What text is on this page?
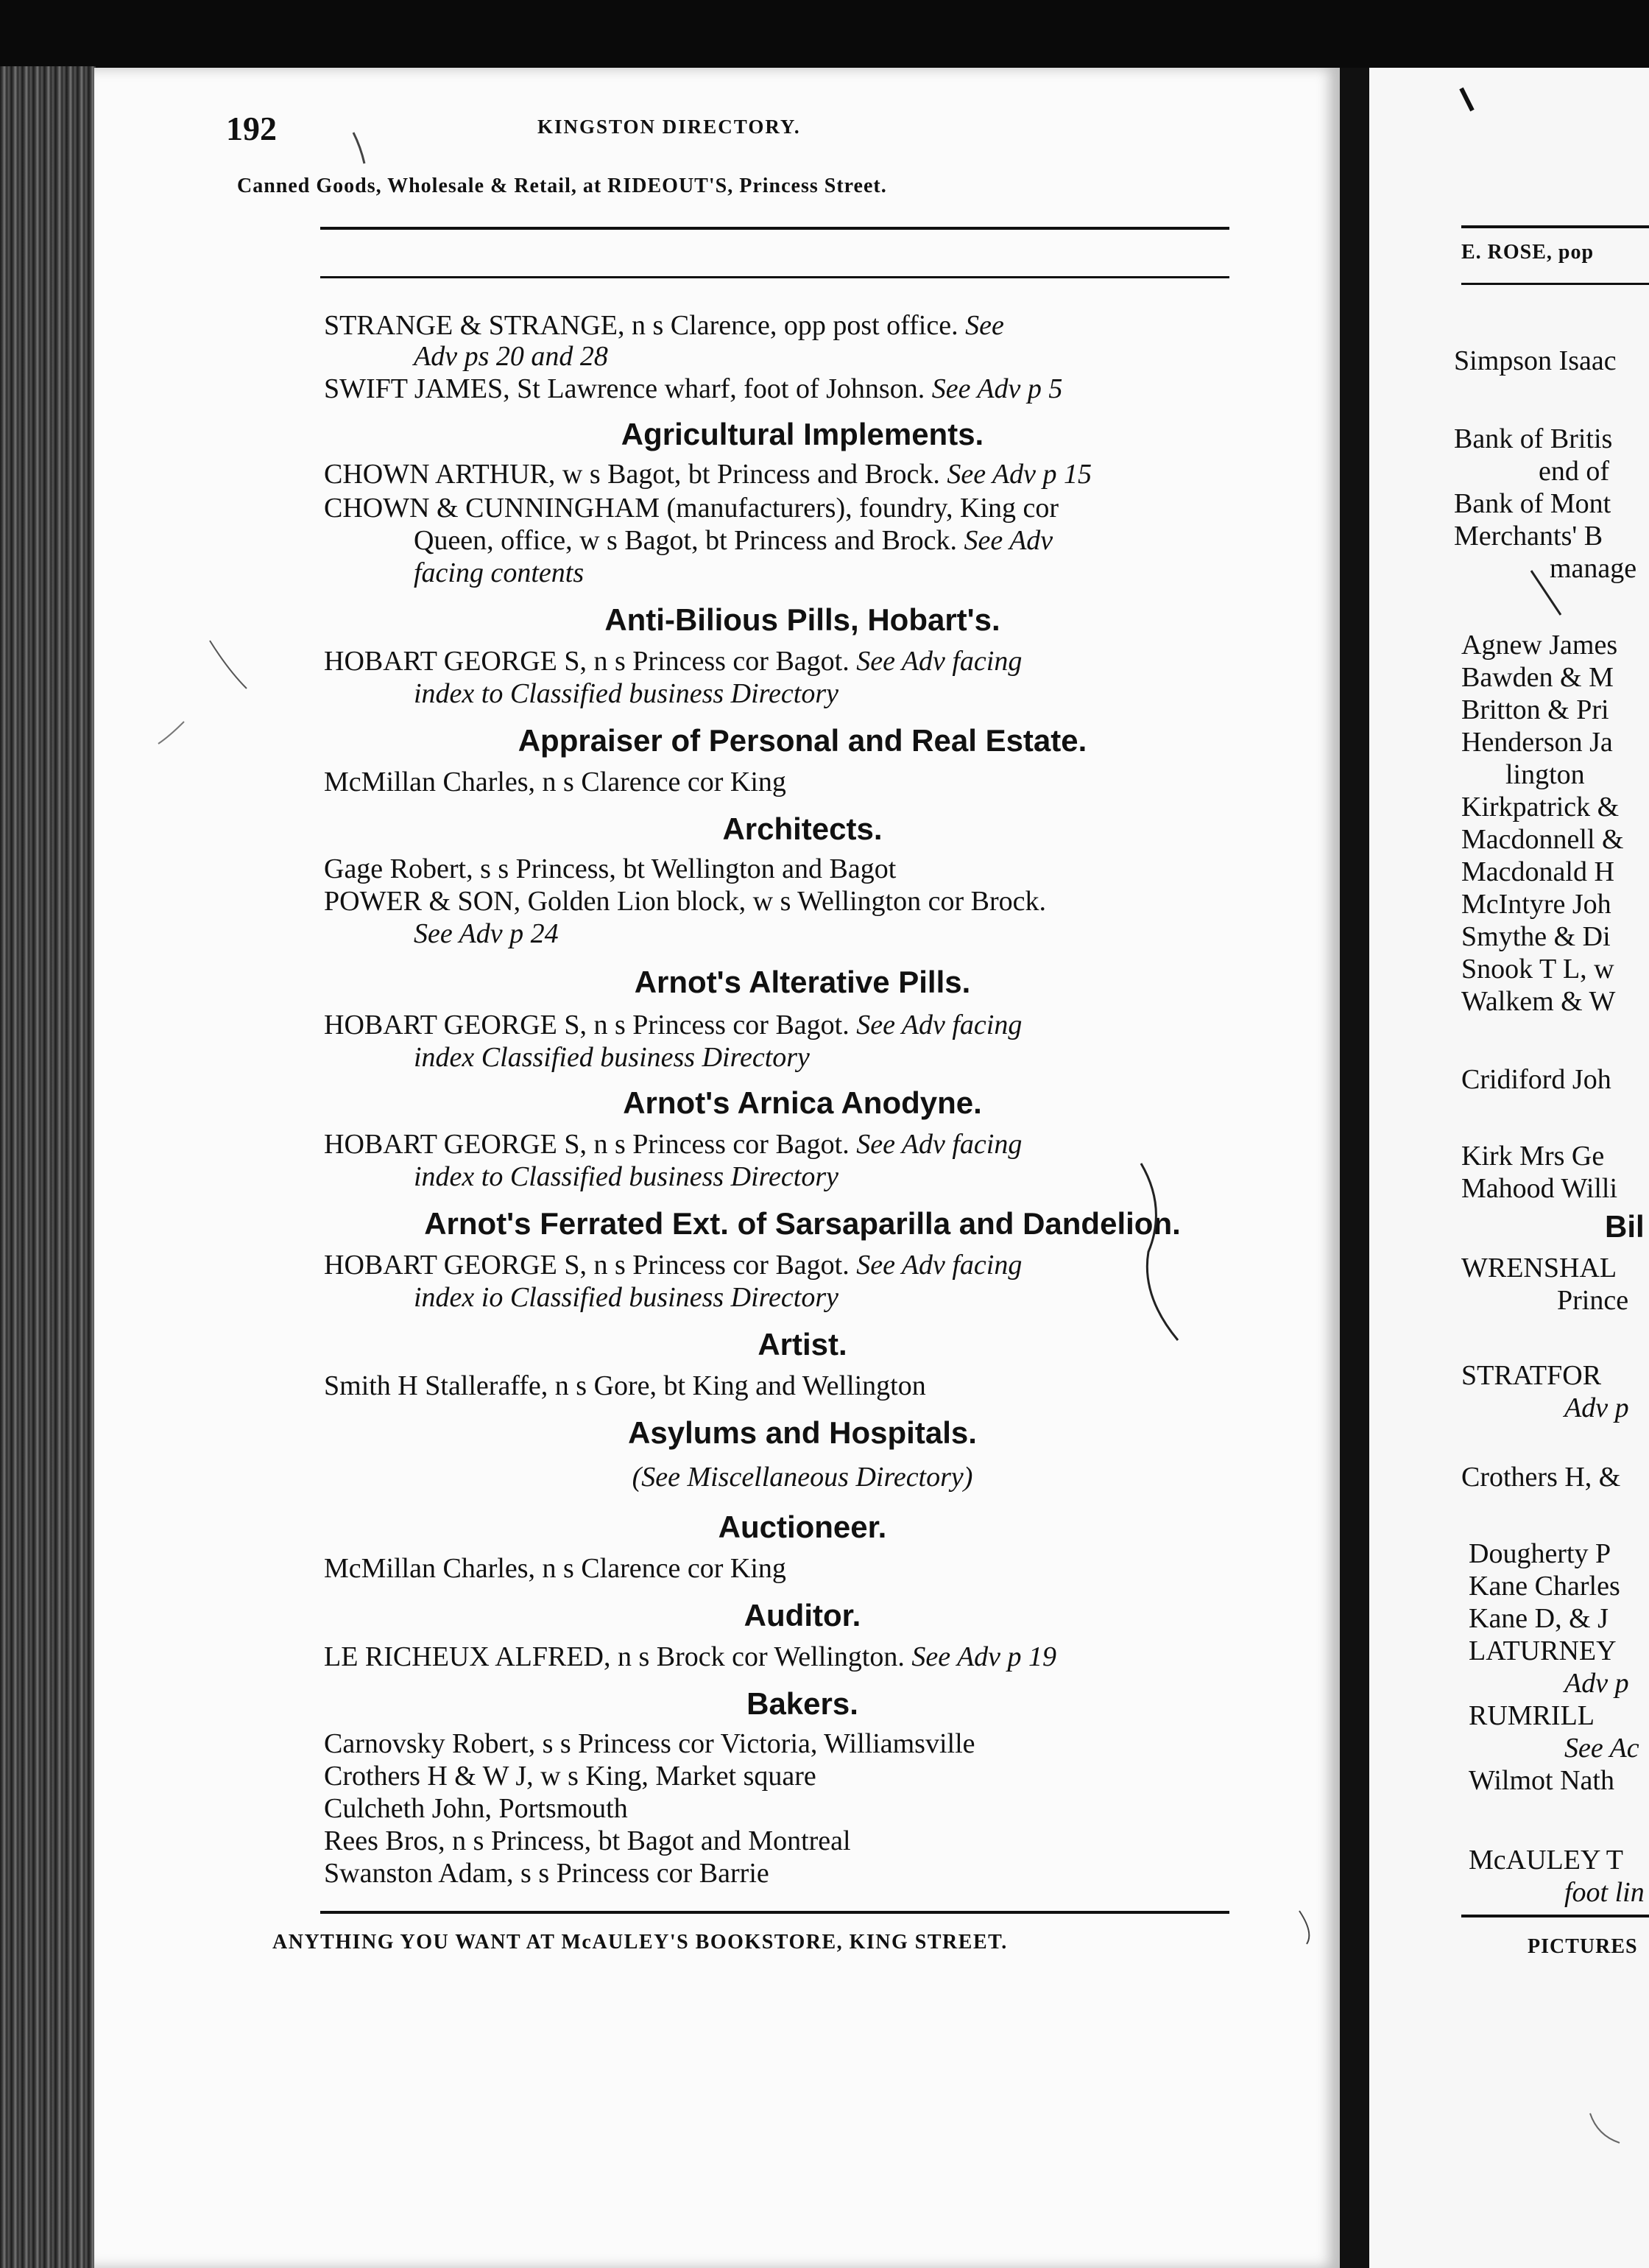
192	KINGSTON DIRECTORY.
Canned Goods, Wholesale & Retail, at RIDEOUT'S, Princess Street.
STRANGE & STRANGE, n s Clarence, opp post office. See
Adv ps 20 and 28
SWIFT JAMES, St Lawrence wharf, foot of Johnson. See Adv p 5
Agricultural Implements.
CHOWN ARTHUR, w s Bagot, bt Princess and Brock. See Adv p 15
CHOWN & CUNNINGHAM (manufacturers), foundry, King cor
Queen, office, w s Bagot, bt Princess and Brock. See Adv
facing contents
Anti-Bilious Pills, Hobart's.
HOBART GEORGE S, n s Princess cor Bagot. See Adv facing
index to Classified business Directory
Appraiser of Personal and Real Estate.
McMillan Charles, n s Clarence cor King
Architects.
Gage Robert, s s Princess, bt Wellington and Bagot
POWER & SON, Golden Lion block, w s Wellington cor Brock.
See Adv p 24
Arnot's Alterative Pills.
HOBART GEORGE S, n s Princess cor Bagot. See Adv facing
index Classified business Directory
Arnot's Arnica Anodyne.
HOBART GEORGE S, n s Princess cor Bagot. See Adv facing
index to Classified business Directory
Arnot's Ferrated Ext. of Sarsaparilla and Dandelion.
HOBART GEORGE S, n s Princess cor Bagot. See Adv facing
index io Classified business Directory
Artist.
Smith H Stalleraffe, n s Gore, bt King and Wellington
Asylums and Hospitals.
(See Miscellaneous Directory)
Auctioneer.
McMillan Charles, n s Clarence cor King
Auditor.
LE RICHEUX ALFRED, n s Brock cor Wellington. See Adv p 19
Bakers.
Carnovsky Robert, s s Princess cor Victoria, Williamsville
Crothers H & W J, w s King, Market square
Culcheth John, Portsmouth
Rees Bros, n s Princess, bt Bagot and Montreal
Swanston Adam, s s Princess cor Barrie
ANYTHING YOU WANT AT McAULEY'S BOOKSTORE, KING STREET.
E. ROSE, pop
Simpson Isaac
Bank of Britis
end of
Bank of Mont
Merchants' B
manage
Agnew James
Bawden & M
Britton & Pri
Henderson Ja
lington
Kirkpatrick &
Macdonnell &
Macdonald H
McIntyre Joh
Smythe & Di
Snook T L, w
Walkem & W
Cridiford Joh
Kirk Mrs Ge
Mahood Willi
Bil
WRENSHAL
Prince
STRATFOR
Adv p
Crothers H, &
Dougherty P
Kane Charles
Kane D, & J
LATURNEY
Adv p
RUMRILL
See Ac
Wilmot Nath
McAULEY T
foot lin
PICTURES
